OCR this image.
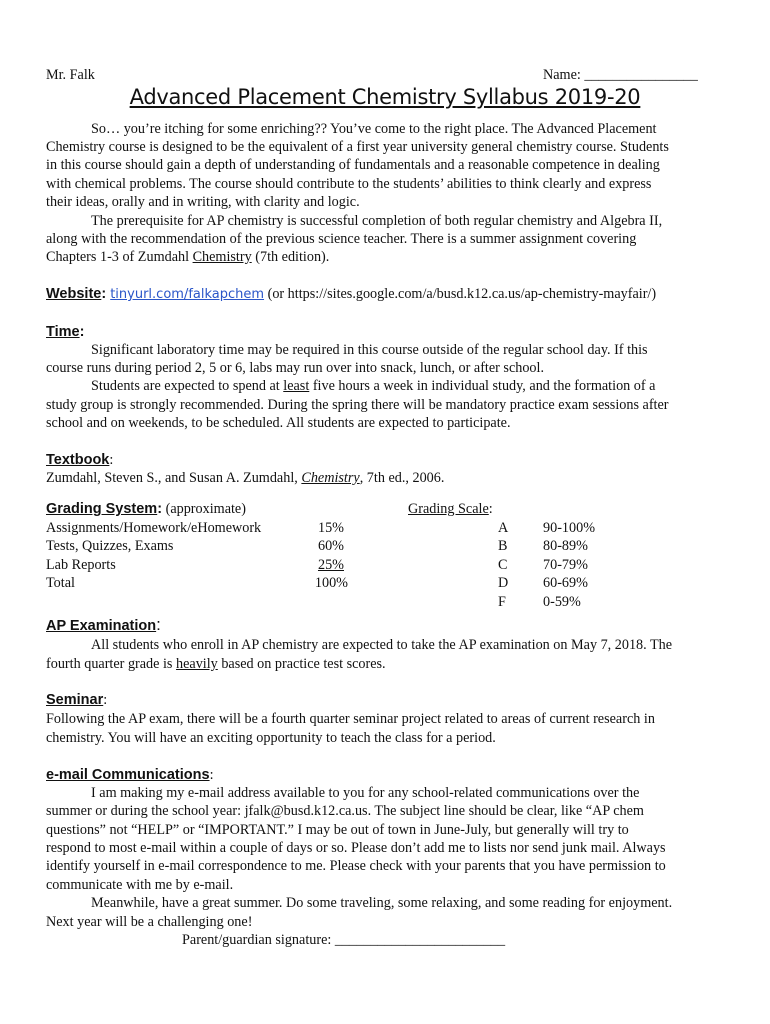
Mr. Falk	Name: ________________
Advanced Placement Chemistry Syllabus 2019-20
So… you’re itching for some enriching?? You’ve come to the right place. The Advanced Placement
Chemistry course is designed to be the equivalent of a first year university general chemistry course. Students
in this course should gain a depth of understanding of fundamentals and a reasonable competence in dealing
with chemical problems. The course should contribute to the students’ abilities to think clearly and express
their ideas, orally and in writing, with clarity and logic.
The prerequisite for AP chemistry is successful completion of both regular chemistry and Algebra II,
along with the recommendation of the previous science teacher. There is a summer assignment covering
Chapters 1-3 of Zumdahl Chemistry (7th edition).
Website: tinyurl.com/falkapchem (or https://sites.google.com/a/busd.k12.ca.us/ap-chemistry-mayfair/)
Time:
Significant laboratory time may be required in this course outside of the regular school day. If this
course runs during period 2, 5 or 6, labs may run over into snack, lunch, or after school.
Students are expected to spend at least five hours a week in individual study, and the formation of a
study group is strongly recommended. During the spring there will be mandatory practice exam sessions after
school and on weekends, to be scheduled. All students are expected to participate.
Textbook:
Zumdahl, Steven S., and Susan A. Zumdahl, Chemistry, 7th ed., 2006.
Grading System: (approximate)	Grading Scale:
Assignments/Homework/eHomework	15%
Tests, Quizzes, Exams	60%
Lab Reports	25%
Total	100%
A 90-100%
B	80-89%
C	70-79%
D 60-69%
F	0-59%
AP Examination:
All students who enroll in AP chemistry are expected to take the AP examination on May 7, 2018. The
fourth quarter grade is heavily based on practice test scores.
Seminar:
Following the AP exam, there will be a fourth quarter seminar project related to areas of current research in
chemistry. You will have an exciting opportunity to teach the class for a period.
e-mail Communications:
I am making my e-mail address available to you for any school-related communications over the
summer or during the school year: jfalk@busd.k12.ca.us. The subject line should be clear, like “AP chem
questions” not “HELP” or “IMPORTANT.” I may be out of town in June-July, but generally will try to
respond to most e-mail within a couple of days or so. Please don’t add me to lists nor send junk mail. Always
identify yourself in e-mail correspondence to me. Please check with your parents that you have permission to
communicate with me by e-mail.
Meanwhile, have a great summer. Do some traveling, some relaxing, and some reading for enjoyment.
Next year will be a challenging one!
Parent/guardian signature: ________________________
